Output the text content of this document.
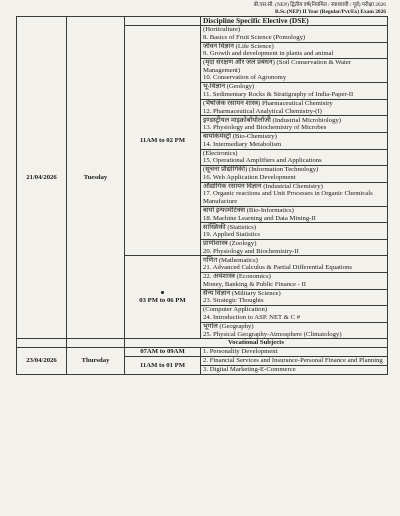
बी.एस.सी. (NEP) द्वितीय वर्ष(नियमित / स्वाध्यायी / पूर्व) परीक्षा 2026
B.Sc.(NEP) II Year (Regular/Pvt/Ex) Exam 2026
21/04/2026	Tuesday		Discipline Specific Elective (DSE)
		11AM to 02 PM	(Horticulture)
8. Basics of Fruit Science (Pomology)

			जीवन विज्ञान (Life Science)
9. Growth and development in plants and animal

			(मृदा संरक्षण और जल प्रबंधन) (Soil Conservation & Water Management)
10. Conservation of Agronomy

			भू-विज्ञान (Geology)
11. Sedimentary Rocks & Stratigraphy of India-Paper-II

			(भैषजिक रसायन शास्त्र) Pharmaceutical Chemistry
12. Pharmaceutical Analytical Chemistry-(I)

			इण्डस्ट्रीयल माइक्रोबॉयोलॉजी (Industrial Microbiology)
13. Physiology and Biochemistry of Microbes

			बायोकेमेस्ट्री (Bio-Chemistry)
14. Intermediary Metabolism

			(Electronics)
15. Operational Amplifiers and Applications

			(सूचना प्रौद्योगिकी) (Information Technology)
16. Web Application Development

			औद्योगिक रसायन विज्ञान (Industrial Chemistry)
17. Organic reactions and Unit Processes in Organic Chemicals Manufacture

			बायो इन्फार्मेटिक्स (Bio-Informatics)
18. Machine Learning and Data Mining-II

			सांख्यिकी (Statistics)
19. Applied Statistics

			प्राणीशास्त्र (Zoology)
20. Physiology and Biochemistry-II

		03 PM to 06 PM	गणित (Mathematics)
21. Advanced Calculus & Partial Differential Equations

			22. अर्थशास्त्र (Economics)
Money, Banking & Public Finance - II

			सैन्य विज्ञान (Military Science)
23. Strategic Thoughts

			(Computer Application)
24. Introduction to ASP. NET & C #

			भूगोल (Geography)
25. Physical Geography-Atmosphere (Climatology)

		Vocational Subjects	
23/04/2026	Thursday	07AM to 09AM	1. Personality Development
		11AM to 01 PM	2. Financial Services and Insurance-Personal Finance and Planning
			3. Digital Marketing-E-Commerce
